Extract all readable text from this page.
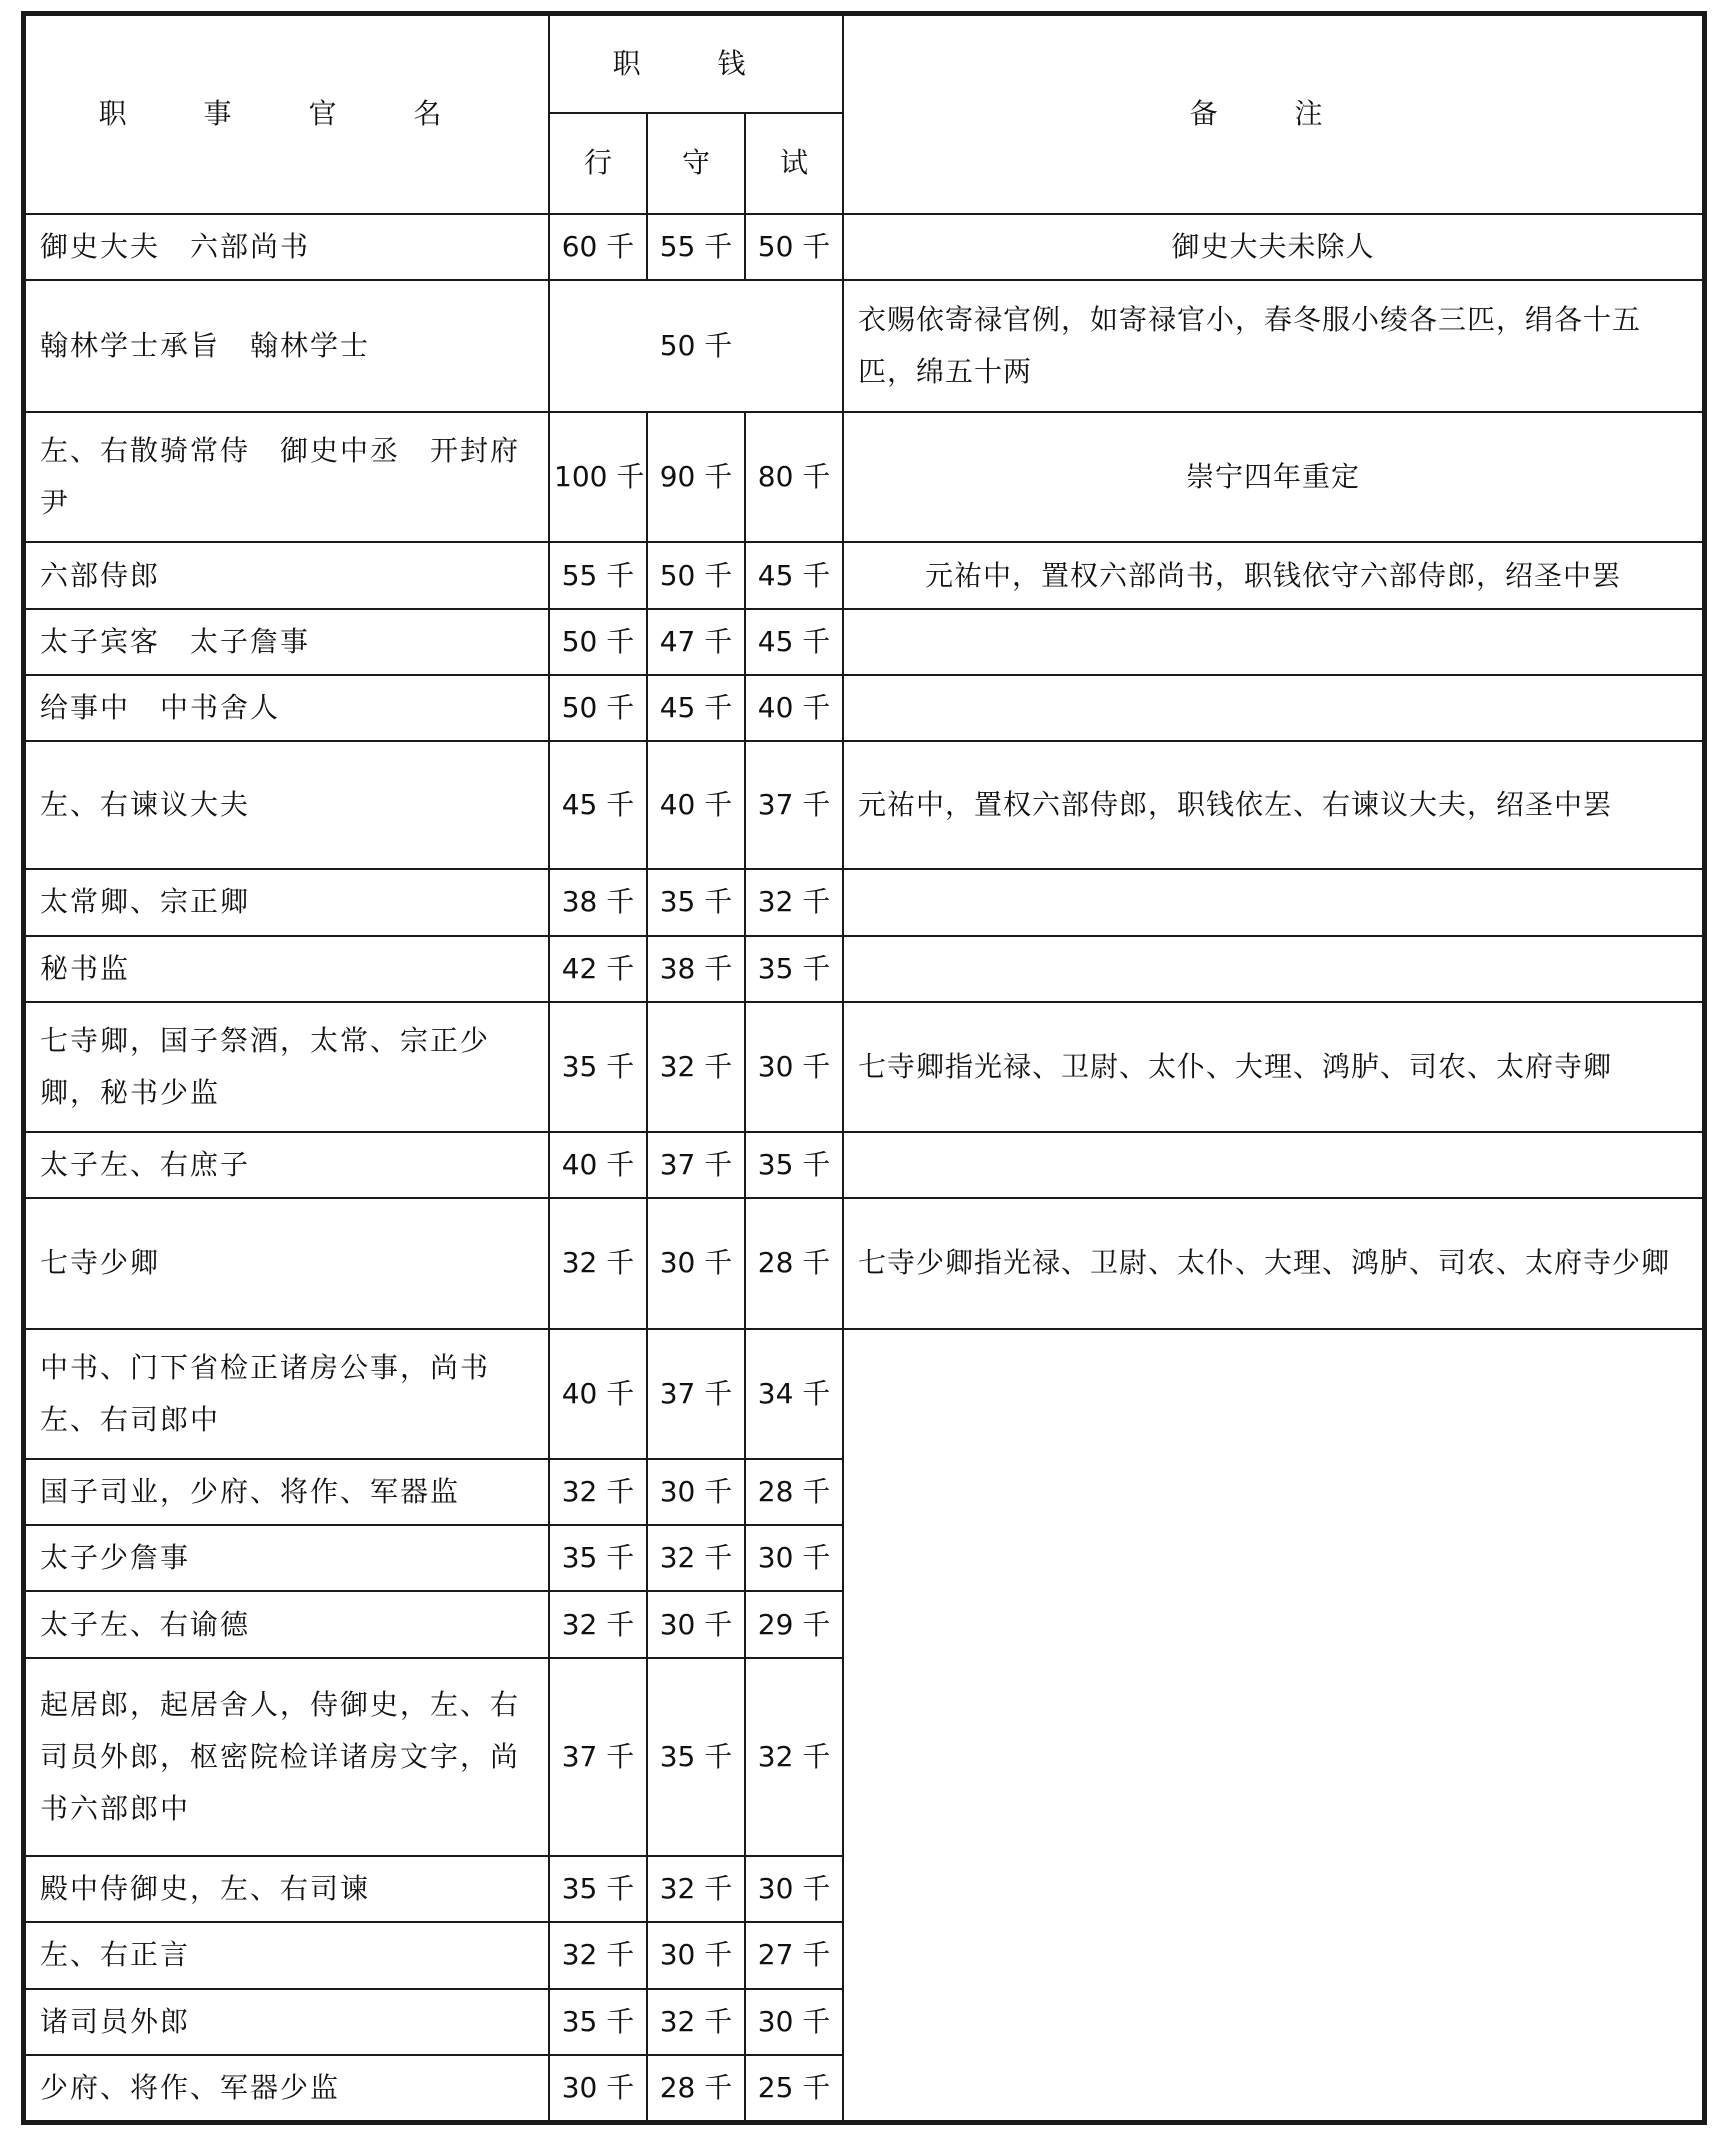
职 事 官 名	职 钱			备 注
	行	守	试	
御史大夫　六部尚书	60 千	55 千	50 千	御史大夫未除人
翰林学士承旨　翰林学士	50 千			衣赐依寄禄官例，如寄禄官小，春冬服小绫各三匹，绢各十五匹，绵五十两
左、右散骑常侍　御史中丞　开封府尹	100 千	90 千	80 千	崇宁四年重定
六部侍郎	55 千	50 千	45 千	元祐中，置权六部尚书，职钱依守六部侍郎，绍圣中罢
太子宾客　太子詹事	50 千	47 千	45 千	
给事中　中书舍人	50 千	45 千	40 千	
左、右谏议大夫	45 千	40 千	37 千	元祐中，置权六部侍郎，职钱依左、右谏议大夫，绍圣中罢
太常卿、宗正卿	38 千	35 千	32 千	
秘书监	42 千	38 千	35 千	
七寺卿，国子祭酒，太常、宗正少卿，秘书少监	35 千	32 千	30 千	七寺卿指光禄、卫尉、太仆、大理、鸿胪、司农、太府寺卿
太子左、右庶子	40 千	37 千	35 千	
七寺少卿	32 千	30 千	28 千	七寺少卿指光禄、卫尉、太仆、大理、鸿胪、司农、太府寺少卿
中书、门下省检正诸房公事，尚书左、右司郎中	40 千	37 千	34 千	
国子司业，少府、将作、军器监	32 千	30 千	28 千	
太子少詹事	35 千	32 千	30 千	
太子左、右谕德	32 千	30 千	29 千	
起居郎，起居舍人，侍御史，左、右司员外郎，枢密院检详诸房文字，尚书六部郎中	37 千	35 千	32 千	
殿中侍御史，左、右司谏	35 千	32 千	30 千	
左、右正言	32 千	30 千	27 千	
诸司员外郎	35 千	32 千	30 千	
少府、将作、军器少监	30 千	28 千	25 千	
